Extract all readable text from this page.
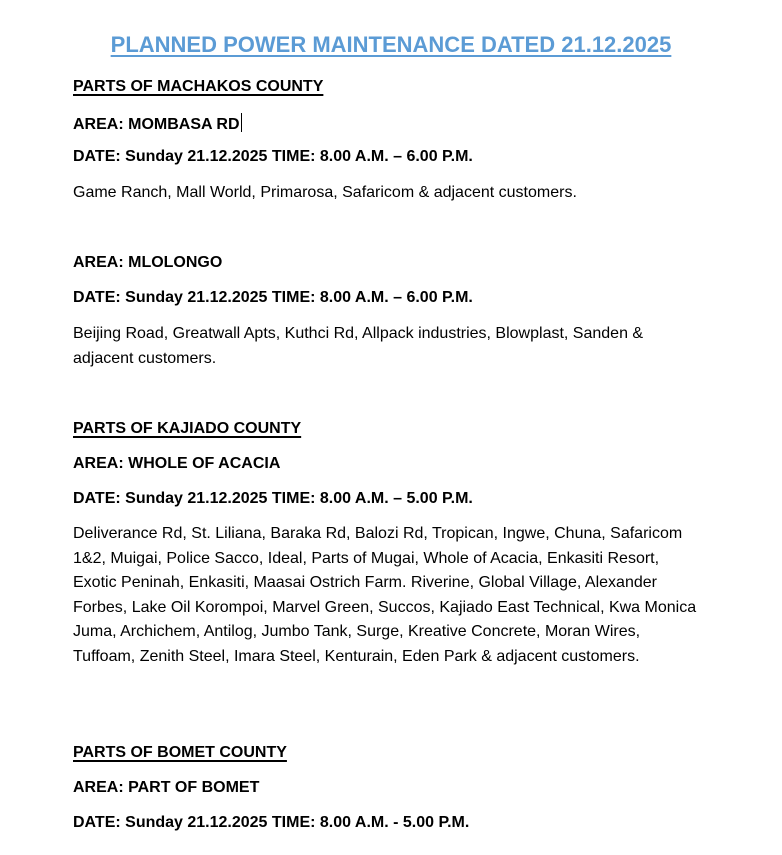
PLANNED POWER MAINTENANCE DATED 21.12.2025

PARTS OF MACHAKOS COUNTY

AREA: MOMBASA RD

DATE: Sunday 21.12.2025 TIME: 8.00 A.M. – 6.00 P.M.

Game Ranch, Mall World, Primarosa, Safaricom & adjacent customers.

AREA: MLOLONGO

DATE: Sunday 21.12.2025 TIME: 8.00 A.M. – 6.00 P.M.

Beijing Road, Greatwall Apts, Kuthci Rd, Allpack industries, Blowplast, Sanden & adjacent customers.

PARTS OF KAJIADO COUNTY

AREA: WHOLE OF ACACIA

DATE: Sunday 21.12.2025 TIME: 8.00 A.M. – 5.00 P.M.

Deliverance Rd, St. Liliana, Baraka Rd, Balozi Rd, Tropican, Ingwe, Chuna, Safaricom 1&2, Muigai, Police Sacco, Ideal, Parts of Mugai, Whole of Acacia, Enkasiti Resort, Exotic Peninah, Enkasiti, Maasai Ostrich Farm. Riverine, Global Village, Alexander Forbes, Lake Oil Korompoi, Marvel Green, Succos, Kajiado East Technical, Kwa Monica Juma, Archichem, Antilog, Jumbo Tank, Surge, Kreative Concrete, Moran Wires, Tuffoam, Zenith Steel, Imara Steel, Kenturain, Eden Park & adjacent customers.

PARTS OF BOMET COUNTY

AREA: PART OF BOMET

DATE: Sunday 21.12.2025 TIME: 8.00 A.M. - 5.00 P.M.
